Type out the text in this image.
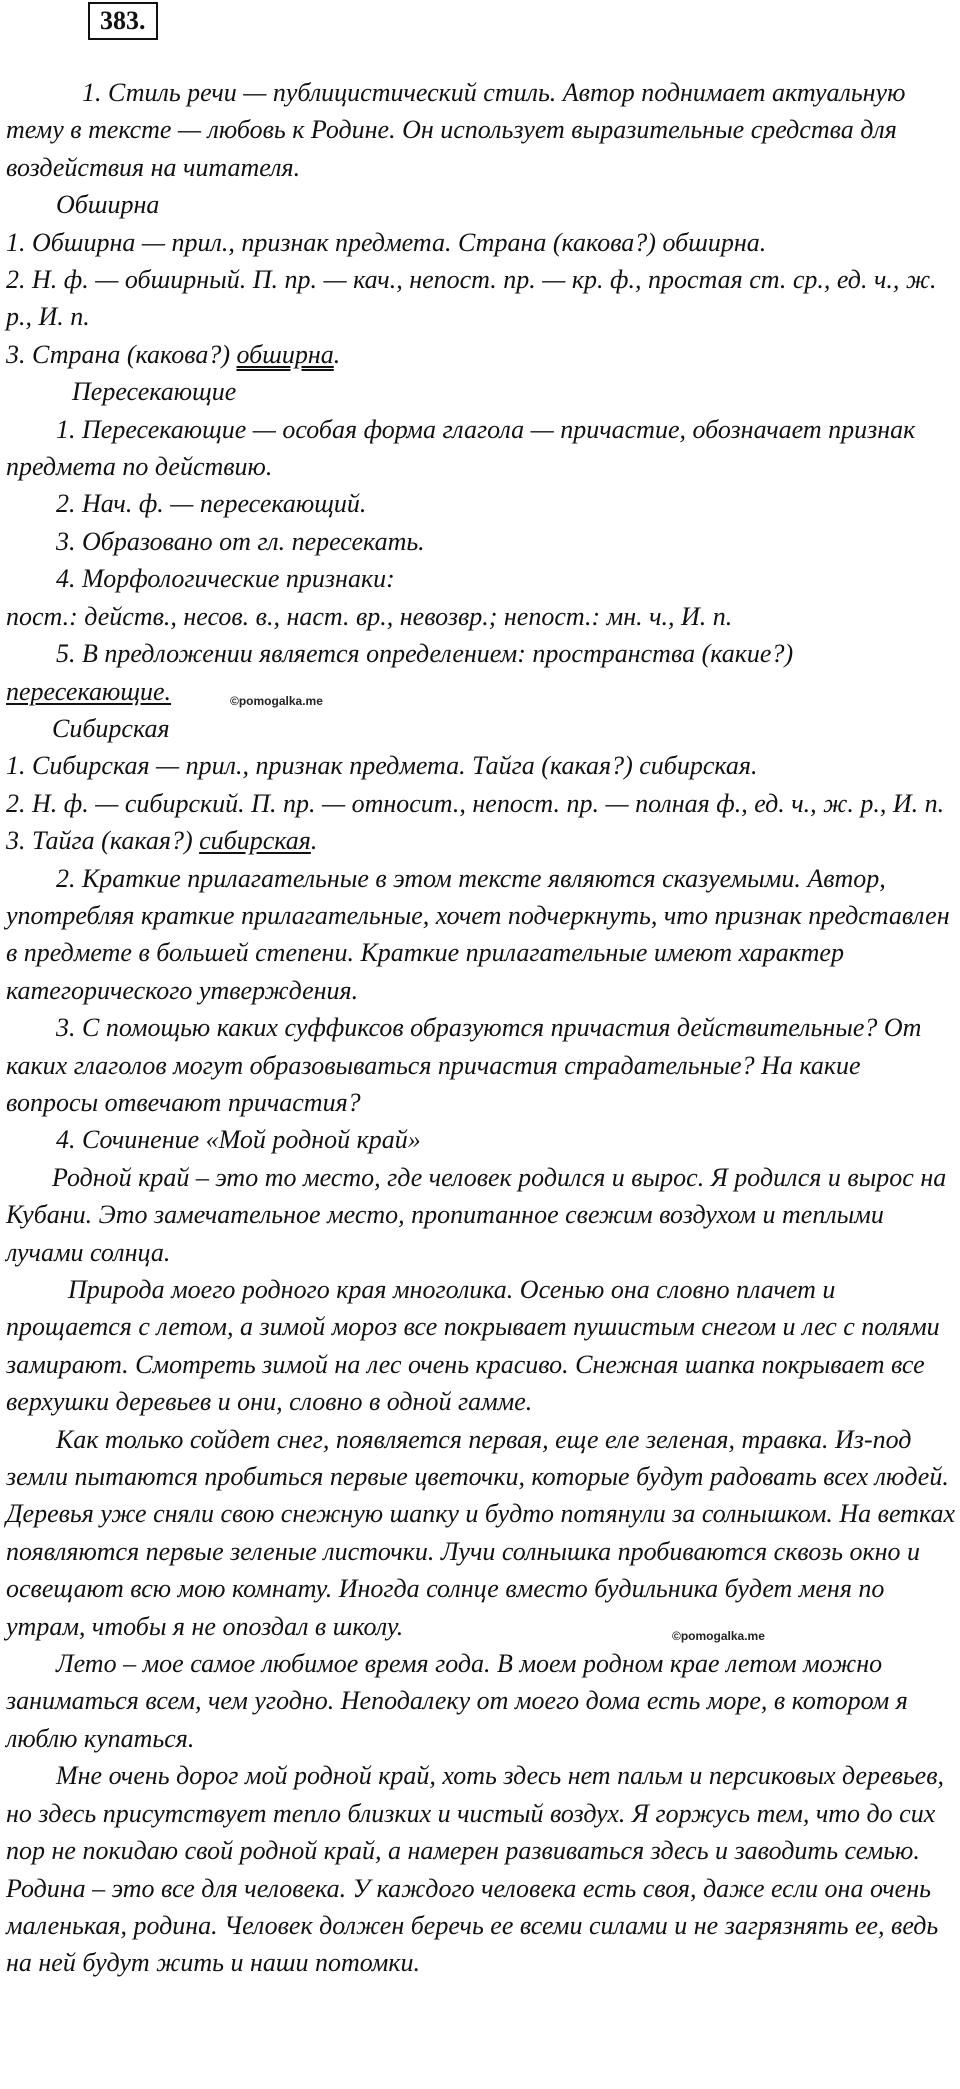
383.

1. Стиль речи — публицистический стиль. Автор поднимает актуальную тему в тексте — любовь к Родине. Он использует выразительные средства для воздействия на читателя.

Обширна

1. Обширна — прил., признак предмета. Страна (какова?) обширна.

2. Н. ф. — обширный. П. пр. — кач., непост. пр. — кр. ф., простая ст. ср., ед. ч., ж. р., И. п.

3. Страна (какова?) обширна.

Пересекающие

1. Пересекающие — особая форма глагола — причастие, обозначает признак предмета по действию.

2. Нач. ф. — пересекающий.

3. Образовано от гл. пересекать.

4. Морфологические признаки:

пост.: действ., несов. в., наст. вр., невозвр.; непост.: мн. ч., И. п.

5. В предложении является определением: пространства (какие?)

пересекающие.	©pomogalka.me

Сибирская

1. Сибирская — прил., признак предмета. Тайга (какая?) сибирская.

2. Н. ф. — сибирский. П. пр. — относит., непост. пр. — полная ф., ед. ч., ж. р., И. п.

3. Тайга (какая?) сибирская.

2. Краткие прилагательные в этом тексте являются сказуемыми. Автор, употребляя краткие прилагательные, хочет подчеркнуть, что признак представлен в предмете в большей степени. Краткие прилагательные имеют характер категорического утверждения.

3. С помощью каких суффиксов образуются причастия действительные? От каких глаголов могут образовываться причастия страдательные? На какие вопросы отвечают причастия?

4. Сочинение «Мой родной край»

Родной край – это то место, где человек родился и вырос. Я родился и вырос на Кубани. Это замечательное место, пропитанное свежим воздухом и теплыми лучами солнца.

Природа моего родного края многолика. Осенью она словно плачет и прощается с летом, а зимой мороз все покрывает пушистым снегом и лес с полями замирают. Смотреть зимой на лес очень красиво. Снежная шапка покрывает все верхушки деревьев и они, словно в одной гамме.

Как только сойдет снег, появляется первая, еще еле зеленая, травка. Из-под земли пытаются пробиться первые цветочки, которые будут радовать всех людей. Деревья уже сняли свою снежную шапку и будто потянули за солнышком. На ветках появляются первые зеленые листочки. Лучи солнышка пробиваются сквозь окно и освещают всю мою комнату. Иногда солнце вместо будильника будет меня по утрам, чтобы я не опоздал в школу.	©pomogalka.me

Лето – мое самое любимое время года. В моем родном крае летом можно заниматься всем, чем угодно. Неподалеку от моего дома есть море, в котором я люблю купаться.

Мне очень дорог мой родной край, хоть здесь нет пальм и персиковых деревьев, но здесь присутствует тепло близких и чистый воздух. Я горжусь тем, что до сих пор не покидаю свой родной край, а намерен развиваться здесь и заводить семью. Родина – это все для человека. У каждого человека есть своя, даже если она очень маленькая, родина. Человек должен беречь ее всеми силами и не загрязнять ее, ведь на ней будут жить и наши потомки.
